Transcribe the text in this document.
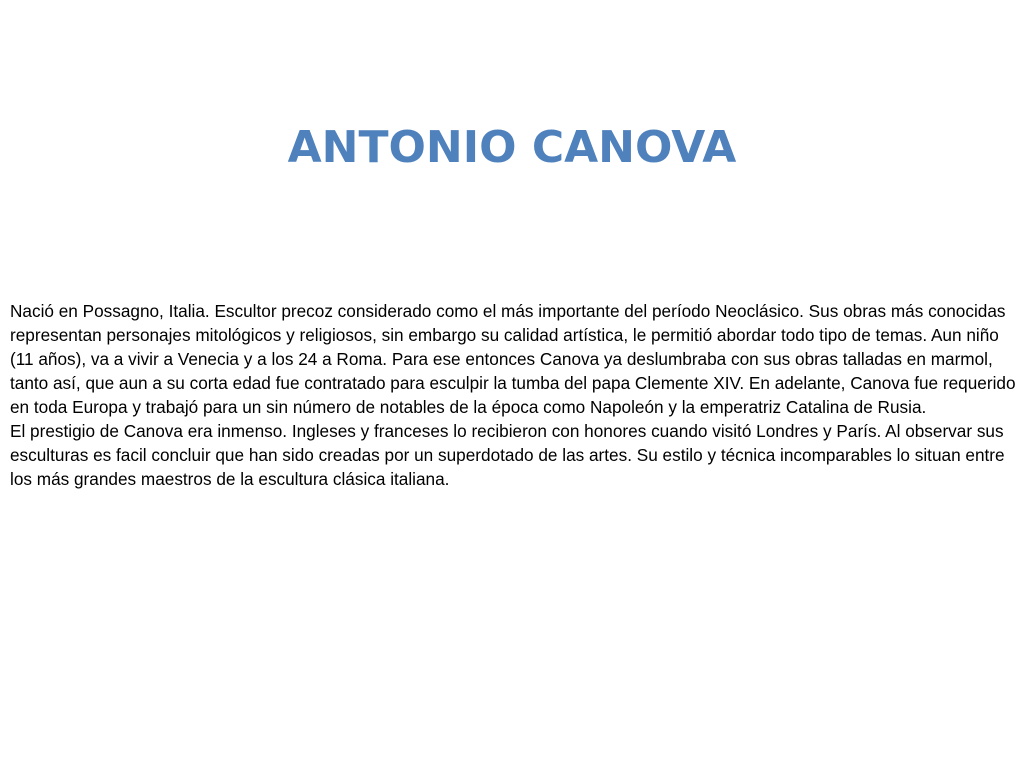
ANTONIO CANOVA

Nació en Possagno, Italia. Escultor precoz considerado como el más importante del período Neoclásico. Sus obras más conocidas representan personajes mitológicos y religiosos, sin embargo su calidad artística, le permitió abordar todo tipo de temas. Aun niño (11 años), va a vivir a Venecia y a los 24 a Roma. Para ese entonces Canova ya deslumbraba con sus obras talladas en marmol, tanto así, que aun a su corta edad fue contratado para esculpir la tumba del papa Clemente XIV. En adelante, Canova fue requerido en toda Europa y trabajó para un sin número de notables de la época como Napoleón y la emperatriz Catalina de Rusia.

El prestigio de Canova era inmenso. Ingleses y franceses lo recibieron con honores cuando visitó Londres y París. Al observar sus esculturas es facil concluir que han sido creadas por un superdotado de las artes. Su estilo y técnica incomparables lo situan entre los más grandes maestros de la escultura clásica italiana.
